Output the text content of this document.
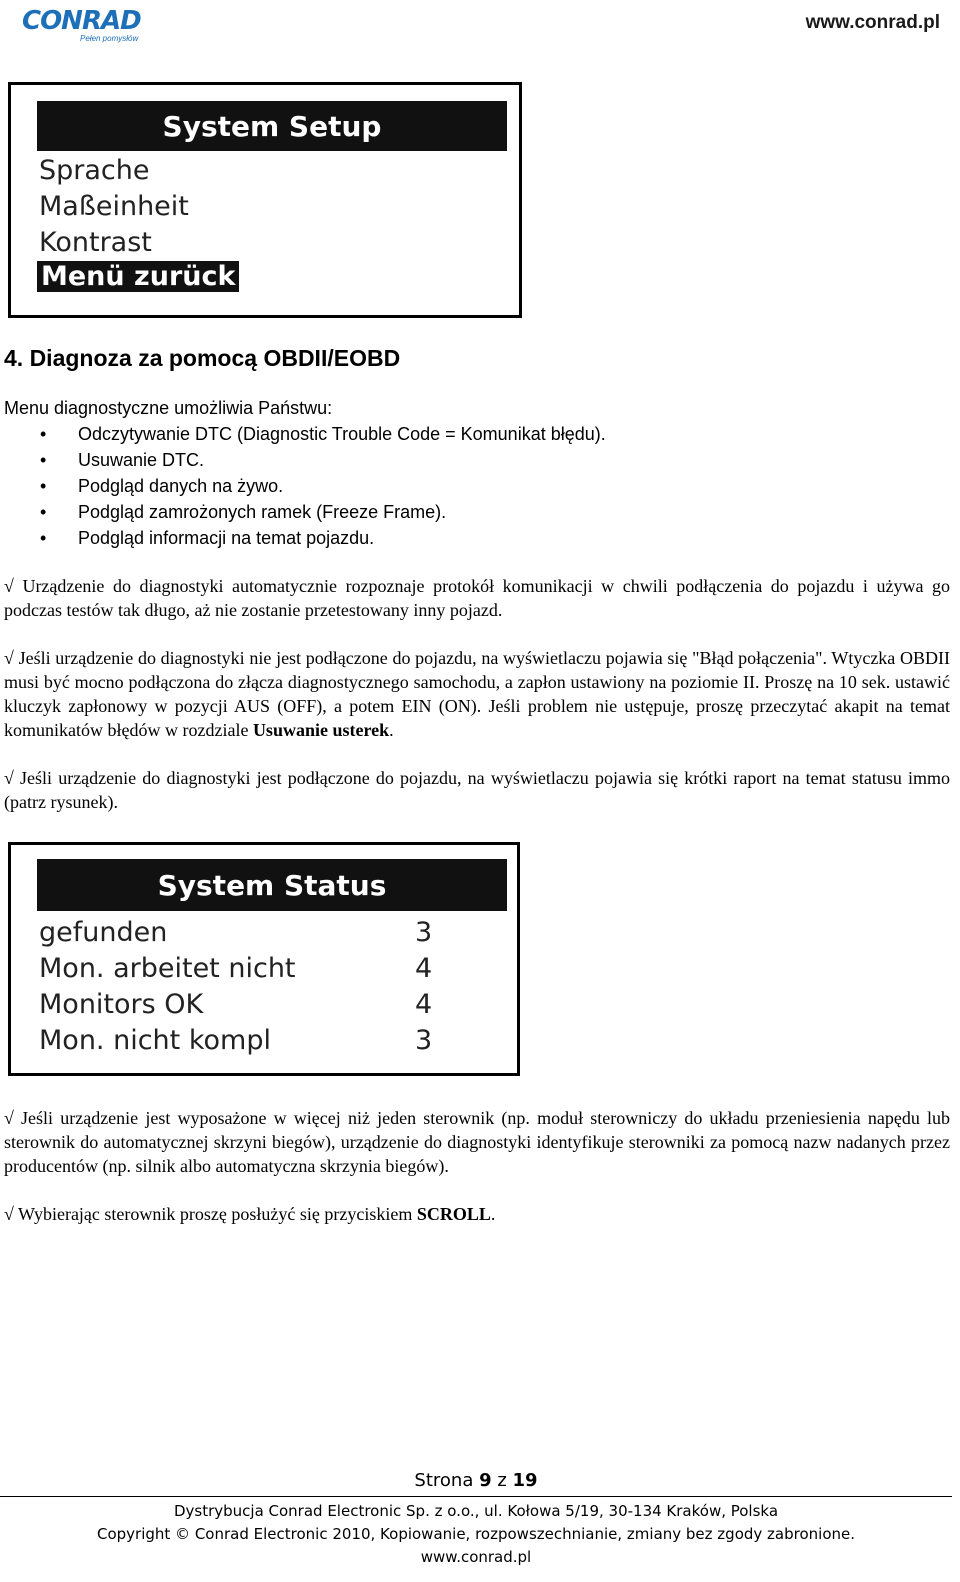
CONRAD
Pełen pomysłów
www.conrad.pl
System Setup
Sprache
Maßeinheit
Kontrast
Menü zurück
4. Diagnoza za pomocą OBDII/EOBD
Menu diagnostyczne umożliwia Państwu:
• Odczytywanie DTC (Diagnostic Trouble Code = Komunikat błędu).
• Usuwanie DTC.
• Podgląd danych na żywo.
• Podgląd zamrożonych ramek (Freeze Frame).
• Podgląd informacji na temat pojazdu.
√ Urządzenie do diagnostyki automatycznie rozpoznaje protokół komunikacji w chwili podłączenia do pojazdu i używa go podczas testów tak długo, aż nie zostanie przetestowany inny pojazd.
√ Jeśli urządzenie do diagnostyki nie jest podłączone do pojazdu, na wyświetlaczu pojawia się "Błąd połączenia". Wtyczka OBDII musi być mocno podłączona do złącza diagnostycznego samochodu, a zapłon ustawiony na poziomie II. Proszę na 10 sek. ustawić kluczyk zapłonowy w pozycji AUS (OFF), a potem EIN (ON). Jeśli problem nie ustępuje, proszę przeczytać akapit na temat komunikatów błędów w rozdziale Usuwanie usterek.
√ Jeśli urządzenie do diagnostyki jest podłączone do pojazdu, na wyświetlaczu pojawia się krótki raport na temat statusu immo (patrz rysunek).
System Status
gefunden	3
Mon. arbeitet nicht	4
Monitors OK	4
Mon. nicht kompl	3
√ Jeśli urządzenie jest wyposażone w więcej niż jeden sterownik (np. moduł sterowniczy do układu przeniesienia napędu lub sterownik do automatycznej skrzyni biegów), urządzenie do diagnostyki identyfikuje sterowniki za pomocą nazw nadanych przez producentów (np. silnik albo automatyczna skrzynia biegów).
√ Wybierając sterownik proszę posłużyć się przyciskiem SCROLL.
Strona 9 z 19
Dystrybucja Conrad Electronic Sp. z o.o., ul. Kołowa 5/19, 30-134 Kraków, Polska
Copyright © Conrad Electronic 2010, Kopiowanie, rozpowszechnianie, zmiany bez zgody zabronione.
www.conrad.pl
